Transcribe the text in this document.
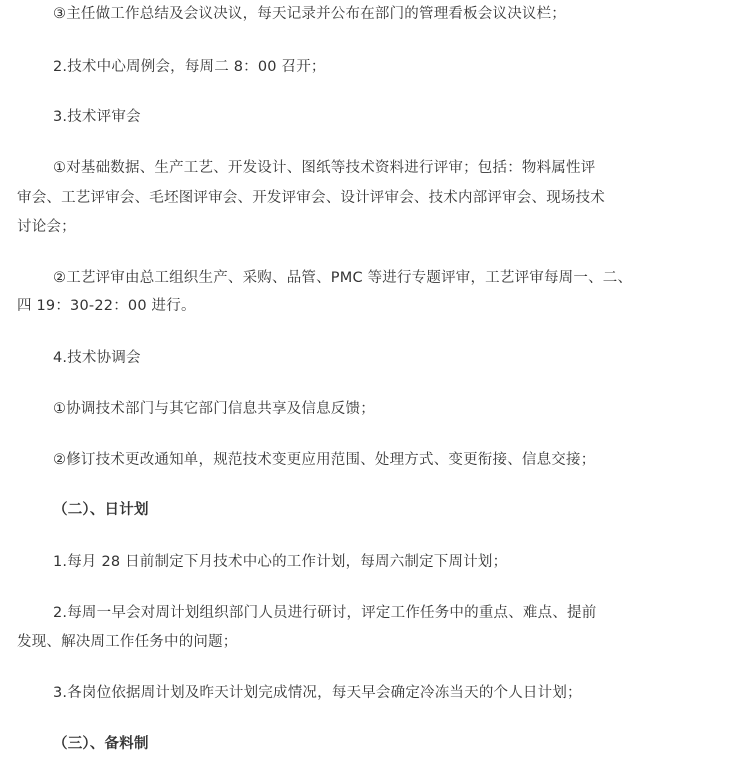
③主任做工作总结及会议决议，每天记录并公布在部门的管理看板会议决议栏；
2.技术中心周例会，每周二 8：00 召开；
3.技术评审会
①对基础数据、生产工艺、开发设计、图纸等技术资料进行评审；包括：物料属性评
审会、工艺评审会、毛坯图评审会、开发评审会、设计评审会、技术内部评审会、现场技术
讨论会；
②工艺评审由总工组织生产、采购、品管、PMC 等进行专题评审，工艺评审每周一、二、
四 19：30-22：00 进行。
4.技术协调会
①协调技术部门与其它部门信息共享及信息反馈；
②修订技术更改通知单，规范技术变更应用范围、处理方式、变更衔接、信息交接；
（二）、日计划
1.每月 28 日前制定下月技术中心的工作计划，每周六制定下周计划；
2.每周一早会对周计划组织部门人员进行研讨，评定工作任务中的重点、难点、提前
发现、解决周工作任务中的问题；
3.各岗位依据周计划及昨天计划完成情况，每天早会确定冷冻当天的个人日计划；
（三）、备料制
